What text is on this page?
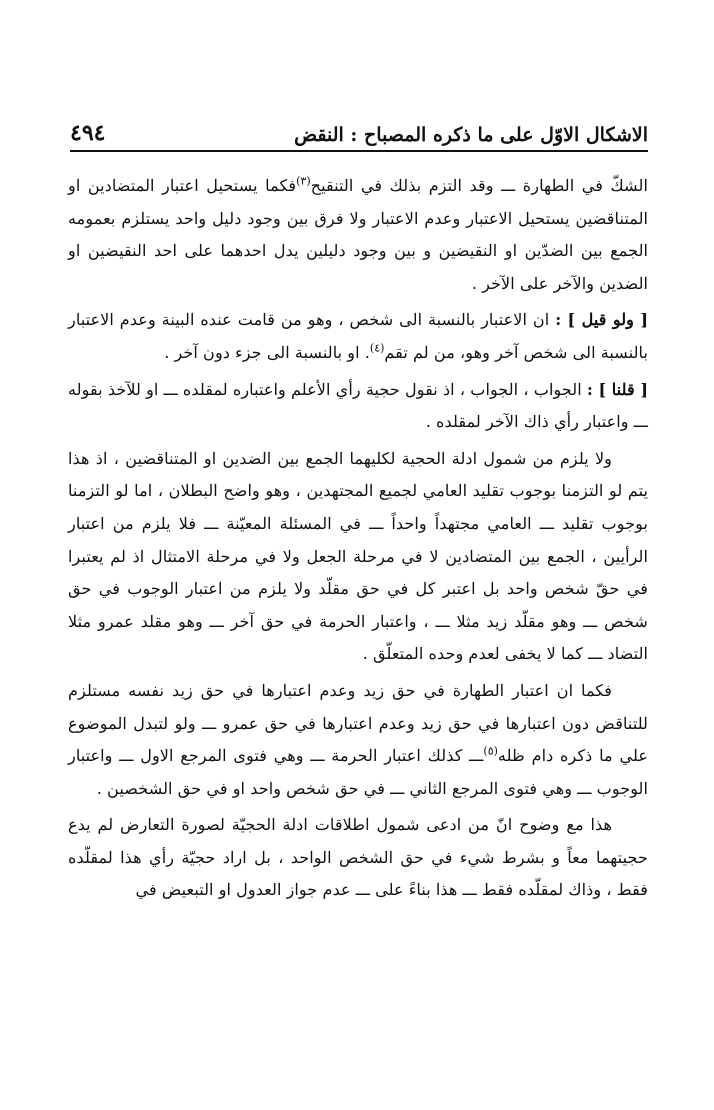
الاشكال الاوّل على ما ذكره المصباح : النقض
٤٩٤

الشكّ في الطهارة ـــ وقد التزم بذلك في التنقيح$^{(٣)}$فكما يستحيل اعتبار المتضادين او المتناقضين يستحيل الاعتبار وعدم الاعتبار ولا فرق بين وجود دليل واحد يستلزم بعمومه الجمع بين الضدّين او النقيضين و بين وجود دليلين يدل احدهما على احد النقيضين او الضدين والآخر على الآخر .

[ ولو قيل ] : ان الاعتبار بالنسبة الى شخص ، وهو من قامت عنده البينة وعدم الاعتبار بالنسبة الى شخص آخر وهو، من لم تقم$^{(٤)}$. او بالنسبة الى جزء دون آخر .

[ قلنا ] : الجواب ، الجواب ، اذ نقول حجية رأي الأعلم واعتباره لمقلده ـــ او للآخذ بقوله ـــ واعتبار رأي ذاك الآخر لمقلده .

ولا يلزم من شمول ادلة الحجية لكليهما الجمع بين الضدين او المتناقضين ، اذ هذا يتم لو التزمنا بوجوب تقليد العامي لجميع المجتهدين ، وهو واضح البطلان ، اما لو التزمنا بوجوب تقليد ـــ العامي مجتهداً واحداً ـــ في المسئلة المعيّنة ـــ فلا يلزم من اعتبار الرأيين ، الجمع بين المتضادين لا في مرحلة الجعل ولا في مرحلة الامتثال اذ لم يعتبرا في حقّ شخص واحد بل اعتبر كل في حق مقلّد ولا يلزم من اعتبار الوجوب في حق شخص ـــ وهو مقلّد زيد مثلا ـــ ، واعتبار الحرمة في حق آخر ـــ وهو مقلد عمرو مثلا التضاد ـــ كما لا يخفى لعدم وحده المتعلّق .

فكما ان اعتبار الطهارة في حق زيد وعدم اعتبارها في حق زيد نفسه مستلزم للتناقض دون اعتبارها في حق زيد وعدم اعتبارها في حق عمرو ـــ ولو لتبدل الموضوع علي ما ذكره دام ظله$^{(٥)}$ـــ كذلك اعتبار الحرمة ـــ وهي فتوى المرجع الاول ـــ واعتبار الوجوب ـــ وهي فتوى المرجع الثاني ـــ في حق شخص واحد او في حق الشخصين .

هذا مع وضوح انّ من ادعى شمول اطلاقات ادلة الحجيّة لصورة التعارض لم يدع حجيتهما معاً و بشرط شيء في حق الشخص الواحد ، بل اراد حجيّة رأي هذا لمقلّده فقط ، وذاك لمقلّده فقط ـــ هذا بناءً على ـــ عدم جواز العدول او التبعيض في
